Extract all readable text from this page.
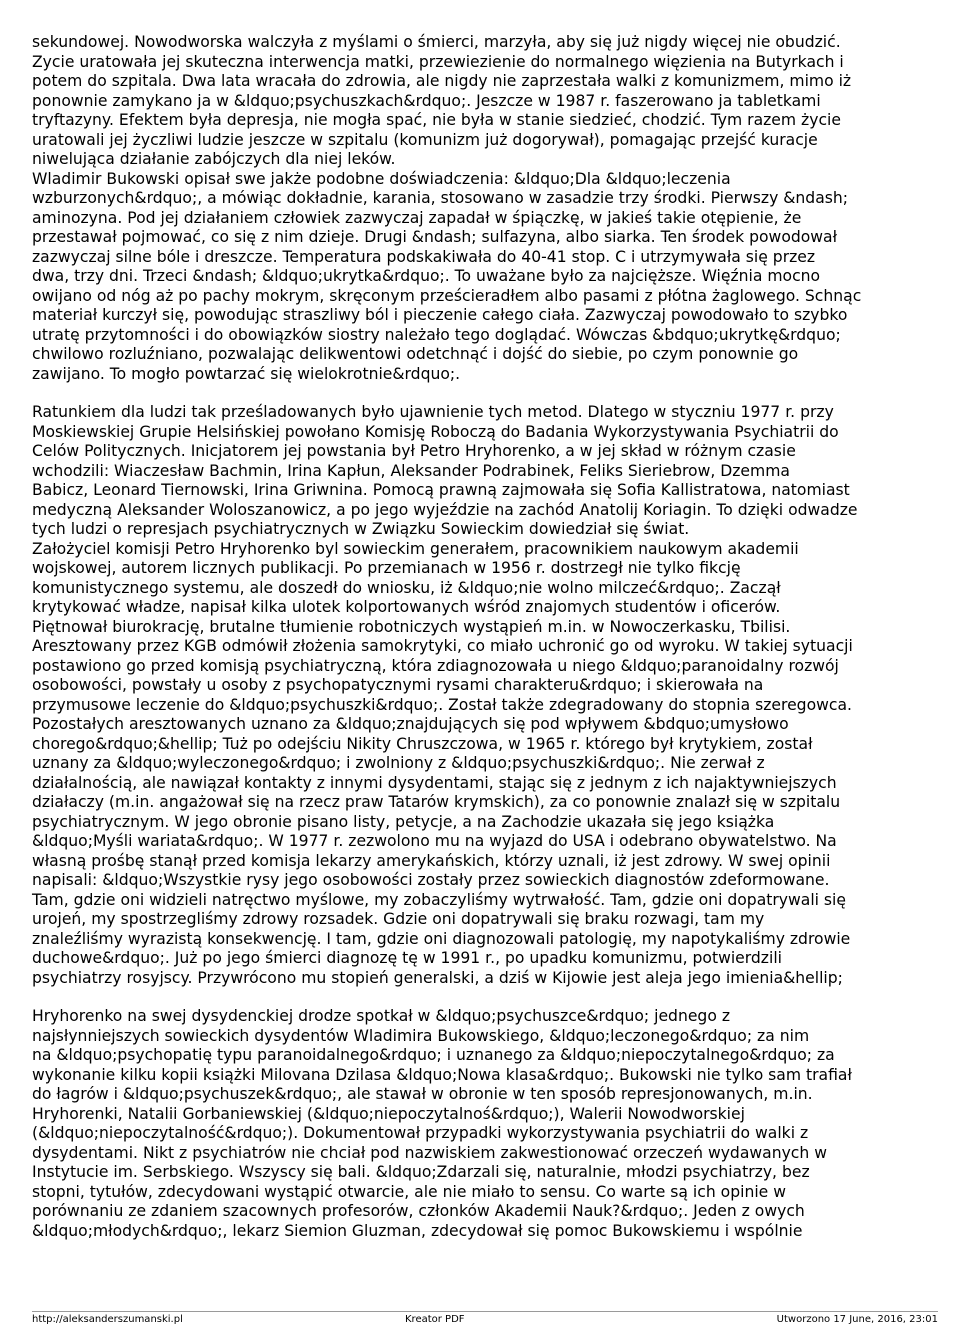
sekundowej. Nowodworska walczyła z myślami o śmierci, marzyła, aby się już nigdy więcej nie obudzić.
Zycie uratowała jej skuteczna interwencja matki, przewiezienie do normalnego więzienia na Butyrkach i
potem do szpitala. Dwa lata wracała do zdrowia, ale nigdy nie zaprzestała walki z komunizmem, mimo iż
ponownie zamykano ja w &ldquo;psychuszkach&rdquo;. Jeszcze w 1987 r. faszerowano ja tabletkami
tryftazyny. Efektem była depresja, nie mogła spać, nie była w stanie siedzieć, chodzić. Tym razem życie
uratowali jej życzliwi ludzie jeszcze w szpitalu (komunizm już dogorywał), pomagając przejść kuracje
niwelująca działanie zabójczych dla niej leków.
Wladimir Bukowski opisał swe jakże podobne doświadczenia: &ldquo;Dla &ldquo;leczenia
wzburzonych&rdquo;, a mówiąc dokładnie, karania, stosowano w zasadzie trzy środki. Pierwszy &ndash;
aminozyna. Pod jej działaniem człowiek zazwyczaj zapadał w śpiączkę, w jakieś takie otępienie, że
przestawał pojmować, co się z nim dzieje. Drugi &ndash; sulfazyna, albo siarka. Ten środek powodował
zazwyczaj silne bóle i dreszcze. Temperatura podskakiwała do 40-41 stop. C i utrzymywała się przez
dwa, trzy dni. Trzeci &ndash; &ldquo;ukrytka&rdquo;. To uważane było za najcięższe. Więźnia mocno
owijano od nóg aż po pachy mokrym, skręconym prześcieradłem albo pasami z płótna żaglowego. Schnąc
materiał kurczył się, powodując straszliwy ból i pieczenie całego ciała. Zazwyczaj powodowało to szybko
utratę przytomności i do obowiązków siostry należało tego doglądać. Wówczas &bdquo;ukrytkę&rdquo;
chwilowo rozluźniano, pozwalając delikwentowi odetchnąć i dojść do siebie, po czym ponownie go
zawijano. To mogło powtarzać się wielokrotnie&rdquo;.
Ratunkiem dla ludzi tak prześladowanych było ujawnienie tych metod. Dlatego w styczniu 1977 r. przy
Moskiewskiej Grupie Helsińskiej powołano Komisję Roboczą do Badania Wykorzystywania Psychiatrii do
Celów Politycznych. Inicjatorem jej powstania był Petro Hryhorenko, a w jej skład w różnym czasie
wchodzili: Wiaczesław Bachmin, Irina Kapłun, Aleksander Podrabinek, Feliks Sieriebrow, Dzemma
Babicz, Leonard Tiernowski, Irina Griwnina. Pomocą prawną zajmowała się Sofia Kallistratowa, natomiast
medyczną Aleksander Woloszanowicz, a po jego wyjeździe na zachód Anatolij Koriagin. To dzięki odwadze
tych ludzi o represjach psychiatrycznych w Związku Sowieckim dowiedział się świat.
Założyciel komisji Petro Hryhorenko byl sowieckim generałem, pracownikiem naukowym akademii
wojskowej, autorem licznych publikacji. Po przemianach w 1956 r. dostrzegł nie tylko fikcję
komunistycznego systemu, ale doszedł do wniosku, iż &ldquo;nie wolno milczeć&rdquo;. Zaczął
krytykować władze, napisał kilka ulotek kolportowanych wśród znajomych studentów i oficerów.
Piętnował biurokrację, brutalne tłumienie robotniczych wystąpień m.in. w Nowoczerkasku, Tbilisi.
Aresztowany przez KGB odmówił złożenia samokrytyki, co miało uchronić go od wyroku. W takiej sytuacji
postawiono go przed komisją psychiatryczną, która zdiagnozowała u niego &ldquo;paranoidalny rozwój
osobowości, powstały u osoby z psychopatycznymi rysami charakteru&rdquo; i skierowała na
przymusowe leczenie do &ldquo;psychuszki&rdquo;. Został także zdegradowany do stopnia szeregowca.
Pozostałych aresztowanych uznano za &ldquo;znajdujących się pod wpływem &bdquo;umysłowo
chorego&rdquo;&hellip; Tuż po odejściu Nikity Chruszczowa, w 1965 r. którego był krytykiem, został
uznany za &ldquo;wyleczonego&rdquo; i zwolniony z &ldquo;psychuszki&rdquo;. Nie zerwał z
działalnością, ale nawiązał kontakty z innymi dysydentami, stając się z jednym z ich najaktywniejszych
działaczy (m.in. angażował się na rzecz praw Tatarów krymskich), za co ponownie znalazł się w szpitalu
psychiatrycznym. W jego obronie pisano listy, petycje, a na Zachodzie ukazała się jego książka
&ldquo;Myśli wariata&rdquo;. W 1977 r. zezwolono mu na wyjazd do USA i odebrano obywatelstwo. Na
własną prośbę stanął przed komisja lekarzy amerykańskich, którzy uznali, iż jest zdrowy. W swej opinii
napisali: &ldquo;Wszystkie rysy jego osobowości zostały przez sowieckich diagnostów zdeformowane.
Tam, gdzie oni widzieli natręctwo myślowe, my zobaczyliśmy wytrwałość. Tam, gdzie oni dopatrywali się
urojeń, my spostrzegliśmy zdrowy rozsadek. Gdzie oni dopatrywali się braku rozwagi, tam my
znaleźliśmy wyrazistą konsekwencję. I tam, gdzie oni diagnozowali patologię, my napotykaliśmy zdrowie
duchowe&rdquo;. Już po jego śmierci diagnozę tę w 1991 r., po upadku komunizmu, potwierdzili
psychiatrzy rosyjscy. Przywrócono mu stopień generalski, a dziś w Kijowie jest aleja jego imienia&hellip;
Hryhorenko na swej dysydenckiej drodze spotkał w &ldquo;psychuszce&rdquo; jednego z
najsłynniejszych sowieckich dysydentów Wladimira Bukowskiego, &ldquo;leczonego&rdquo; za nim
na &ldquo;psychopatię typu paranoidalnego&rdquo; i uznanego za &ldquo;niepoczytalnego&rdquo; za
wykonanie kilku kopii książki Milovana Dzilasa &ldquo;Nowa klasa&rdquo;. Bukowski nie tylko sam trafiał
do łagrów i &ldquo;psychuszek&rdquo;, ale stawał w obronie w ten sposób represjonowanych, m.in.
Hryhorenki, Natalii Gorbaniewskiej (&ldquo;niepoczytalnoś&rdquo;), Walerii Nowodworskiej
(&ldquo;niepoczytalność&rdquo;). Dokumentował przypadki wykorzystywania psychiatrii do walki z
dysydentami. Nikt z psychiatrów nie chciał pod nazwiskiem zakwestionować orzeczeń wydawanych w
Instytucie im. Serbskiego. Wszyscy się bali. &ldquo;Zdarzali się, naturalnie, młodzi psychiatrzy, bez
stopni, tytułów, zdecydowani wystąpić otwarcie, ale nie miało to sensu. Co warte są ich opinie w
porównaniu ze zdaniem szacownych profesorów, członków Akademii Nauk?&rdquo;. Jeden z owych
&ldquo;młodych&rdquo;, lekarz Siemion Gluzman, zdecydował się pomoc Bukowskiemu i wspólnie
http://aleksanderszumanski.pl	Kreator PDF	Utworzono 17 June, 2016, 23:01
